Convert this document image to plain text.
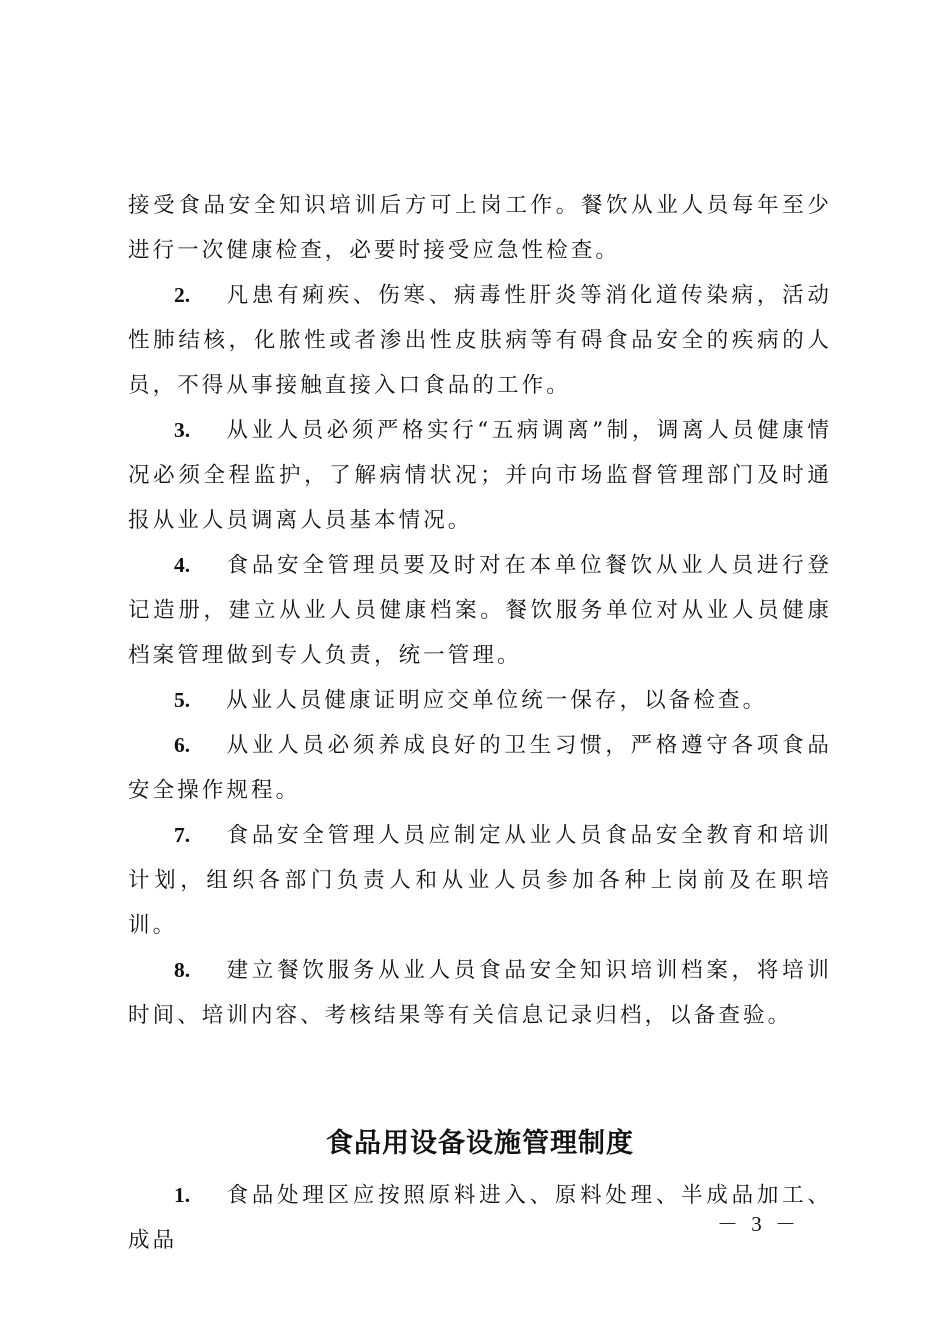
接受食品安全知识培训后方可上岗工作。餐饮从业人员每年至少进行一次健康检查，必要时接受应急性检查。

2. 凡患有痢疾、伤寒、病毒性肝炎等消化道传染病，活动性肺结核，化脓性或者渗出性皮肤病等有碍食品安全的疾病的人员，不得从事接触直接入口食品的工作。

3. 从业人员必须严格实行“五病调离”制，调离人员健康情况必须全程监护，了解病情状况；并向市场监督管理部门及时通报从业人员调离人员基本情况。

4. 食品安全管理员要及时对在本单位餐饮从业人员进行登记造册，建立从业人员健康档案。餐饮服务单位对从业人员健康档案管理做到专人负责，统一管理。

5. 从业人员健康证明应交单位统一保存，以备检查。

6. 从业人员必须养成良好的卫生习惯，严格遵守各项食品安全操作规程。

7. 食品安全管理人员应制定从业人员食品安全教育和培训计划，组织各部门负责人和从业人员参加各种上岗前及在职培训。

8. 建立餐饮服务从业人员食品安全知识培训档案，将培训时间、培训内容、考核结果等有关信息记录归档，以备查验。

食品用设备设施管理制度

1. 食品处理区应按照原料进入、原料处理、半成品加工、成品

－ 3 －
